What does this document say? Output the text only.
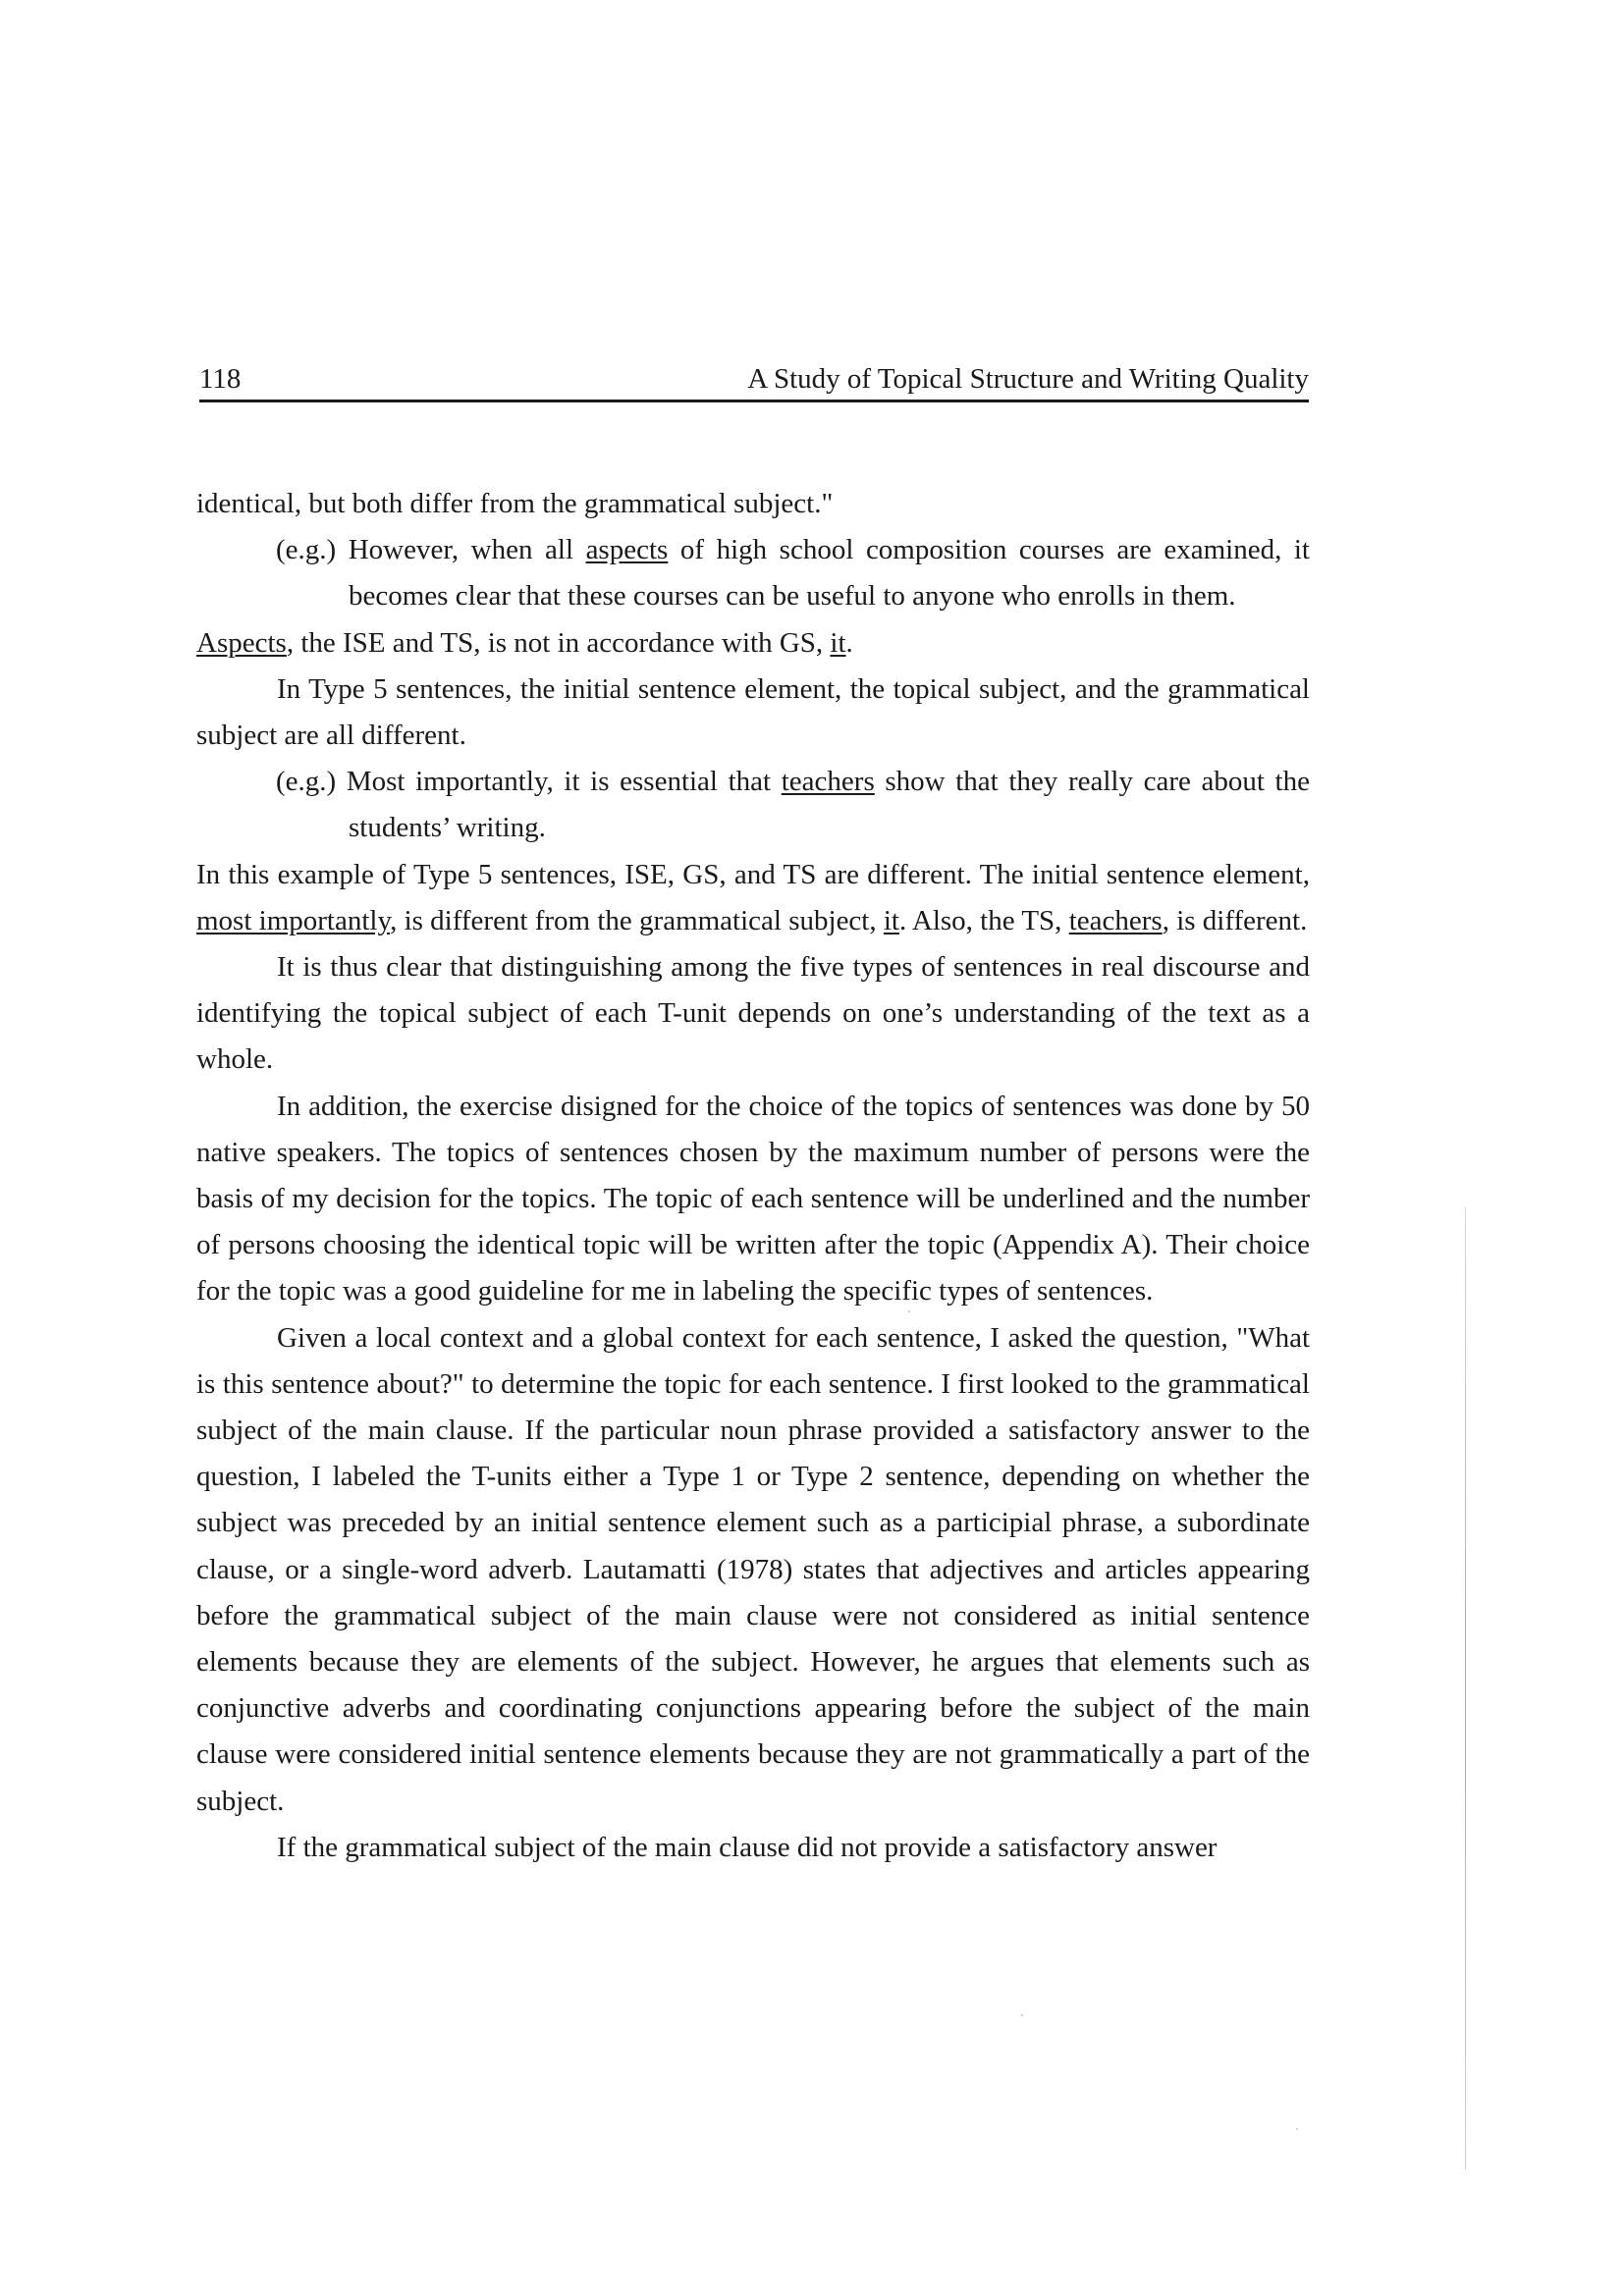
118	A Study of Topical Structure and Writing Quality

identical, but both differ from the grammatical subject."

(e.g.) However, when all aspects of high school composition courses are examined, it becomes clear that these courses can be useful to anyone who enrolls in them.

Aspects, the ISE and TS, is not in accordance with GS, it.

In Type 5 sentences, the initial sentence element, the topical subject, and the grammatical subject are all different.

(e.g.) Most importantly, it is essential that teachers show that they really care about the students’ writing.

In this example of Type 5 sentences, ISE, GS, and TS are different. The initial sentence element, most importantly, is different from the grammatical subject, it. Also, the TS, teachers, is different.

It is thus clear that distinguishing among the five types of sentences in real discourse and identifying the topical subject of each T-unit depends on one’s understanding of the text as a whole.

In addition, the exercise disigned for the choice of the topics of sentences was done by 50 native speakers. The topics of sentences chosen by the maximum number of persons were the basis of my decision for the topics. The topic of each sentence will be underlined and the number of persons choosing the identical topic will be written after the topic (Appendix A). Their choice for the topic was a good guideline for me in labeling the specific types of sentences.

Given a local context and a global context for each sentence, I asked the question, "What is this sentence about?" to determine the topic for each sentence. I first looked to the grammatical subject of the main clause. If the particular noun phrase provided a satisfactory answer to the question, I labeled the T-units either a Type 1 or Type 2 sentence, depending on whether the subject was preceded by an initial sentence element such as a participial phrase, a subordinate clause, or a single-word adverb. Lautamatti (1978) states that adjectives and articles appearing before the grammatical subject of the main clause were not considered as initial sentence elements because they are elements of the subject. However, he argues that elements such as conjunctive adverbs and coordinating conjunctions appearing before the subject of the main clause were considered initial sentence elements because they are not grammatically a part of the subject.

If the grammatical subject of the main clause did not provide a satisfactory answer
